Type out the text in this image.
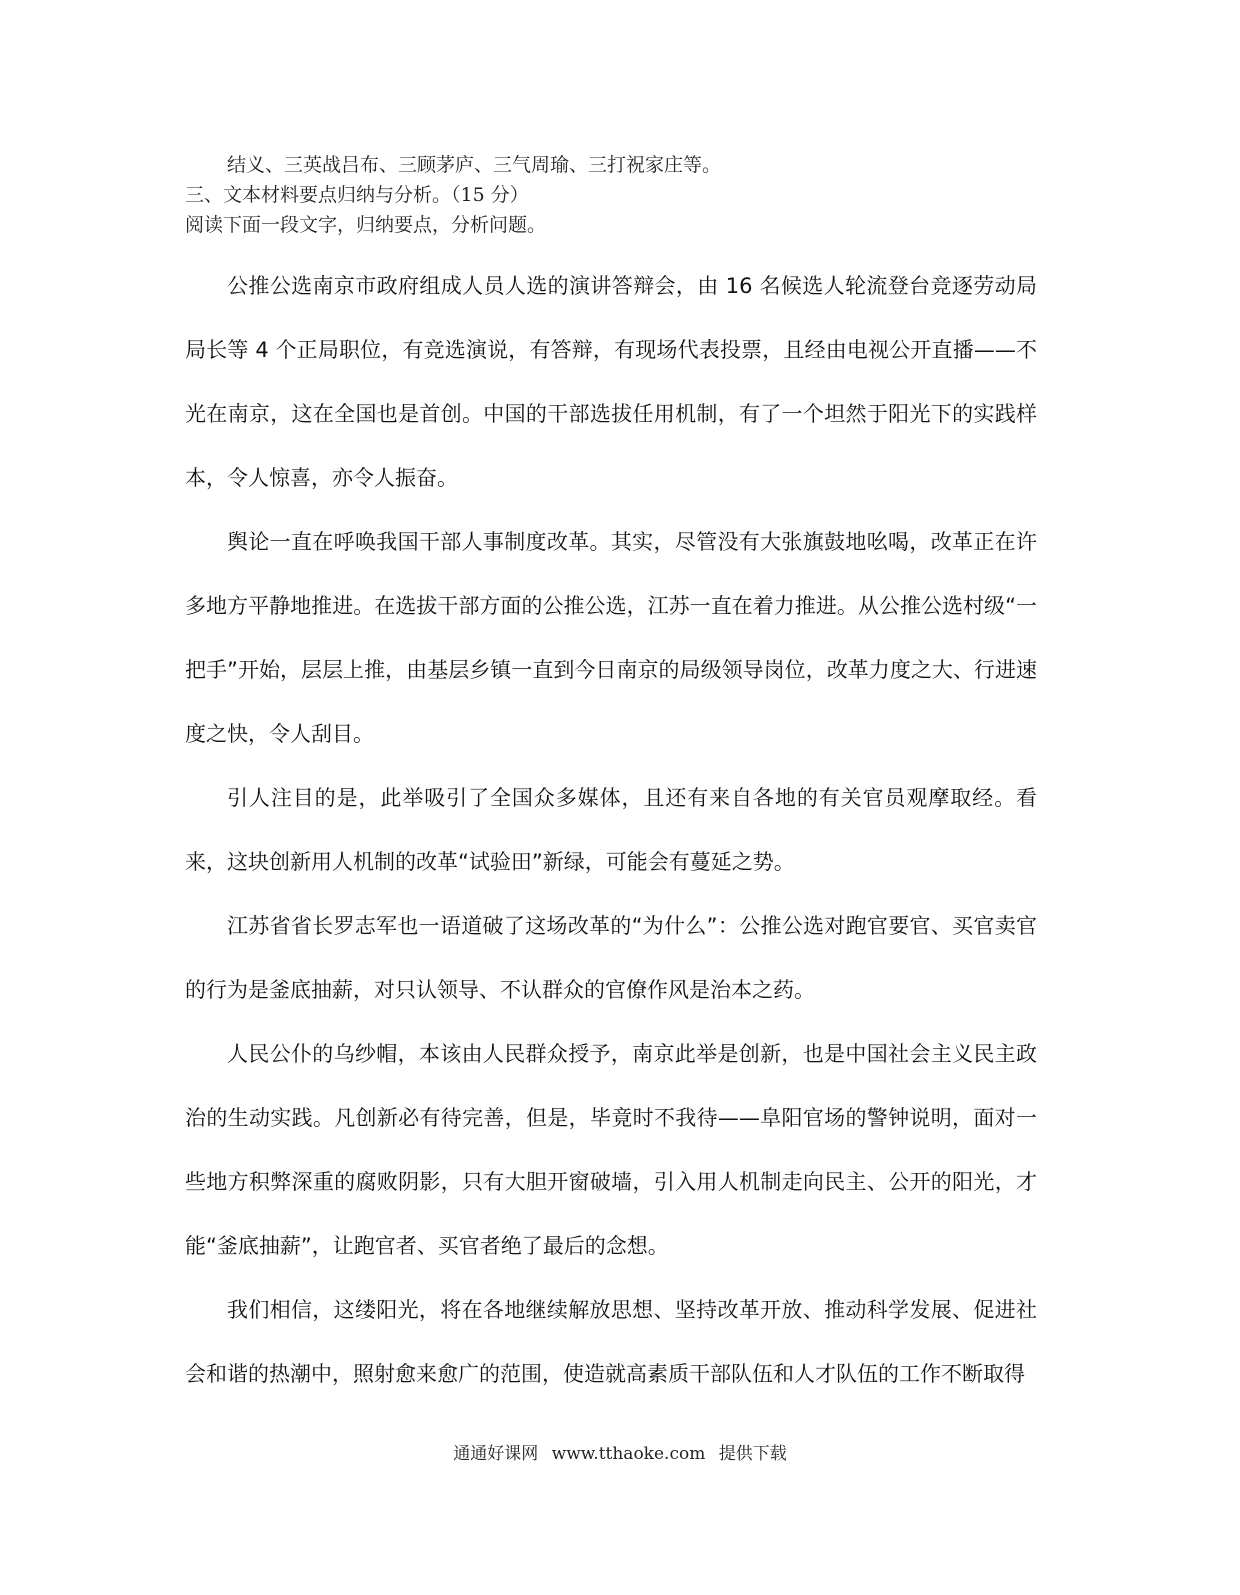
结义、三英战吕布、三顾茅庐、三气周瑜、三打祝家庄等。
三、文本材料要点归纳与分析。（15 分）
阅读下面一段文字，归纳要点，分析问题。

公推公选南京市政府组成人员人选的演讲答辩会，由 16 名候选人轮流登台竞逐劳动局局长等 4 个正局职位，有竞选演说，有答辩，有现场代表投票，且经由电视公开直播——不光在南京，这在全国也是首创。中国的干部选拔任用机制，有了一个坦然于阳光下的实践样本，令人惊喜，亦令人振奋。

舆论一直在呼唤我国干部人事制度改革。其实，尽管没有大张旗鼓地吆喝，改革正在许多地方平静地推进。在选拔干部方面的公推公选，江苏一直在着力推进。从公推公选村级“一把手”开始，层层上推，由基层乡镇一直到今日南京的局级领导岗位，改革力度之大、行进速度之快，令人刮目。

引人注目的是，此举吸引了全国众多媒体，且还有来自各地的有关官员观摩取经。看来，这块创新用人机制的改革“试验田”新绿，可能会有蔓延之势。

江苏省省长罗志军也一语道破了这场改革的“为什么”：公推公选对跑官要官、买官卖官的行为是釜底抽薪，对只认领导、不认群众的官僚作风是治本之药。

人民公仆的乌纱帽，本该由人民群众授予，南京此举是创新，也是中国社会主义民主政治的生动实践。凡创新必有待完善，但是，毕竟时不我待——阜阳官场的警钟说明，面对一些地方积弊深重的腐败阴影，只有大胆开窗破墙，引入用人机制走向民主、公开的阳光，才能“釜底抽薪”，让跑官者、买官者绝了最后的念想。

我们相信，这缕阳光，将在各地继续解放思想、坚持改革开放、推动科学发展、促进社会和谐的热潮中，照射愈来愈广的范围，使造就高素质干部队伍和人才队伍的工作不断取得

通通好课网 www.tthaoke.com 提供下载
